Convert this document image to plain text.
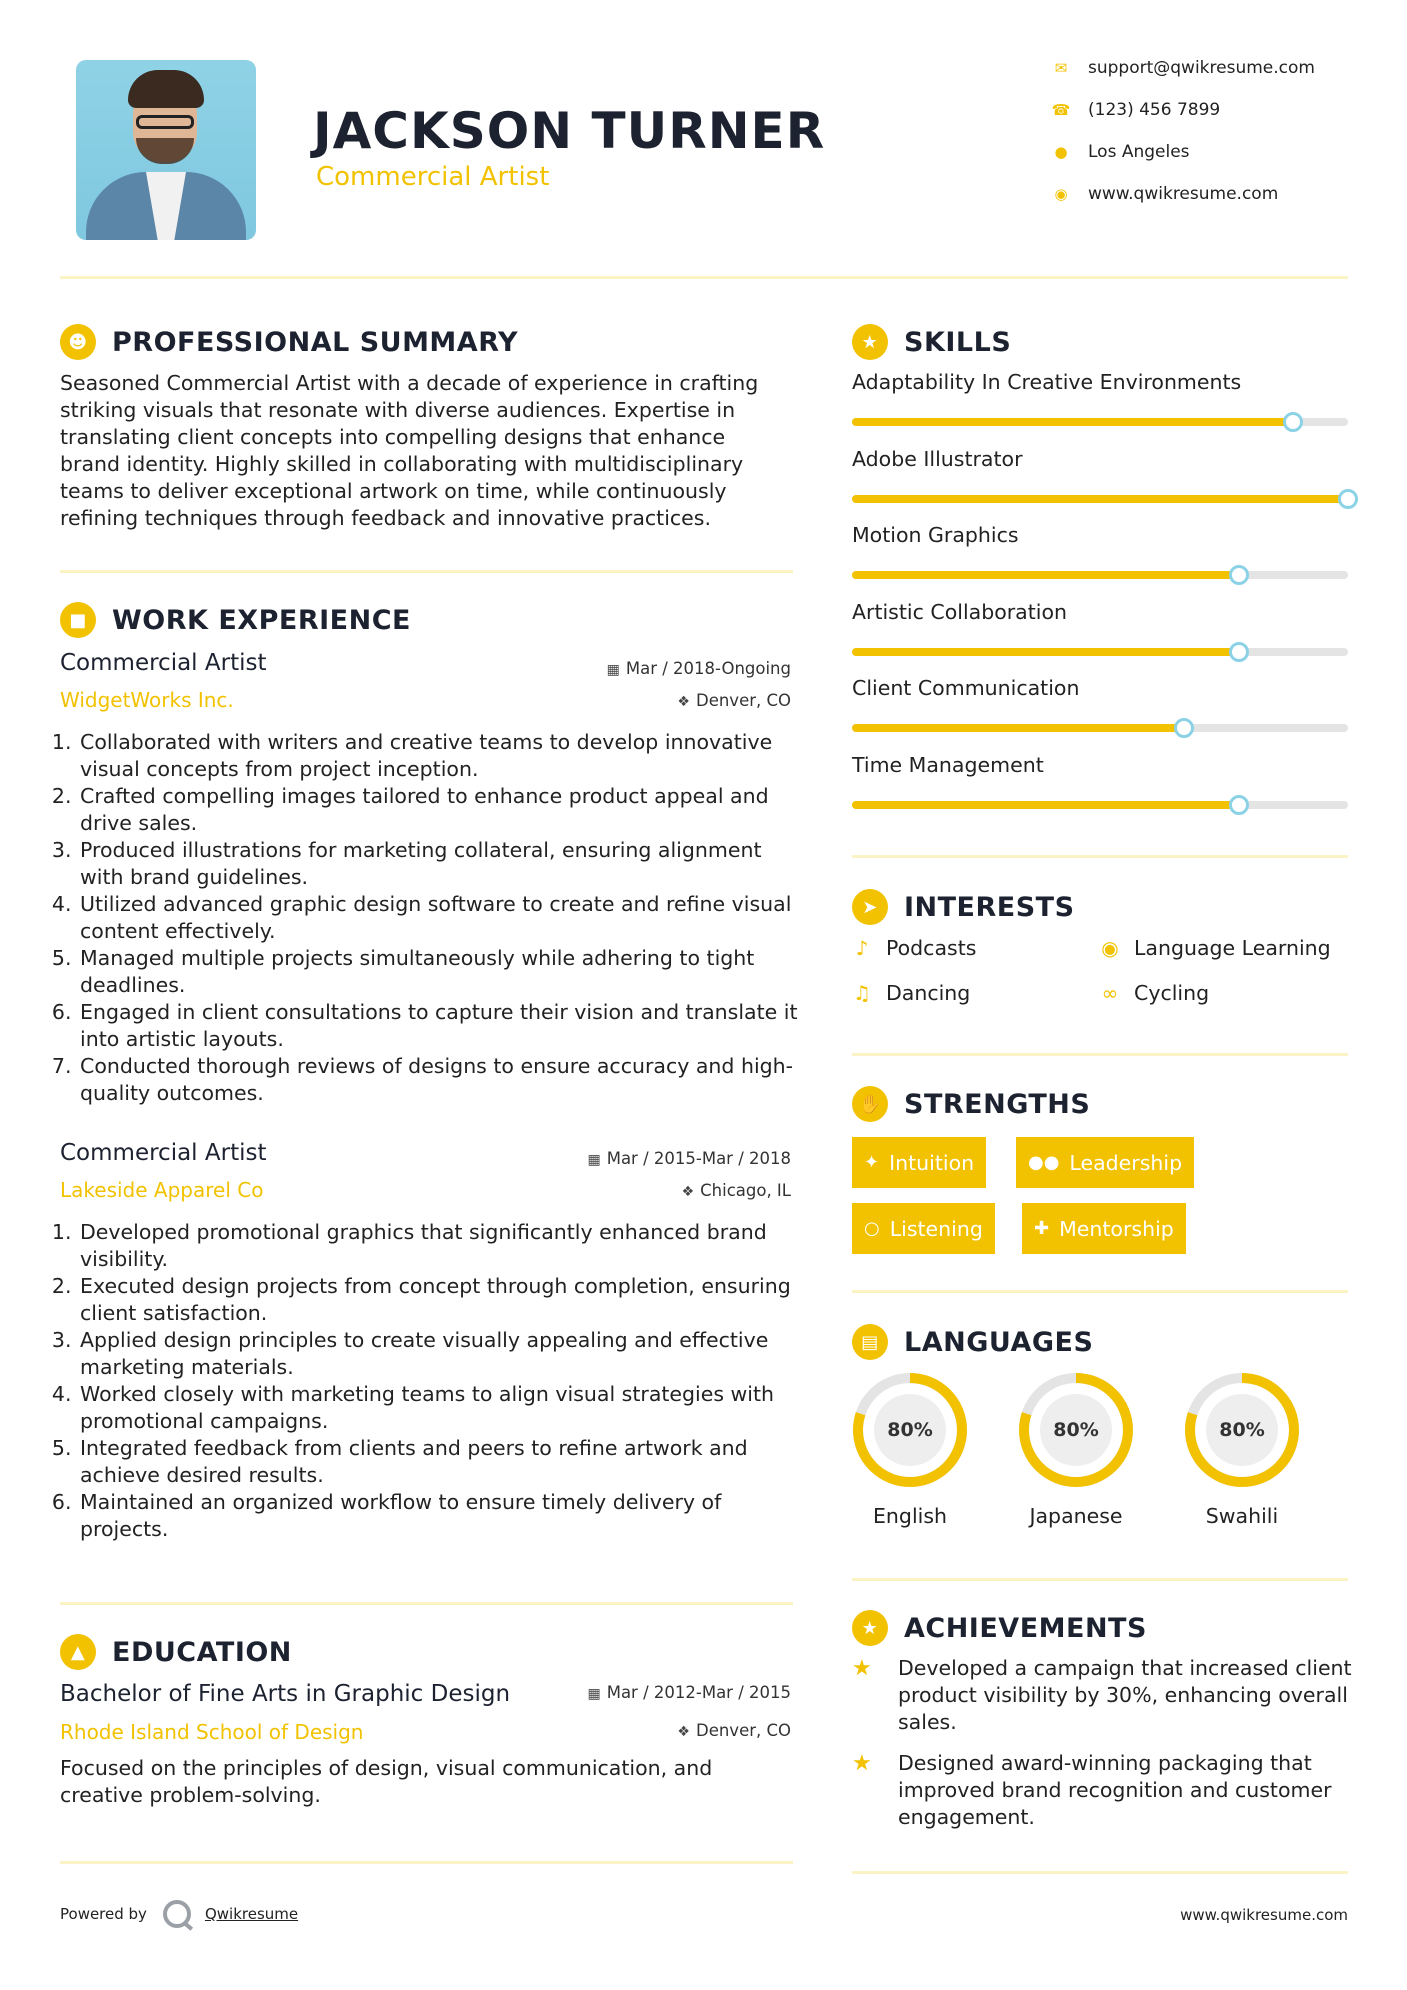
JACKSON TURNER
Commercial Artist
✉	support@qwikresume.com
☎ (123) 456 7899
●	Los Angeles
◉	www.qwikresume.com
☻ PROFESSIONAL SUMMARY
Seasoned Commercial Artist with a decade of experience in crafting striking visuals that resonate with diverse audiences. Expertise in translating client concepts into compelling designs that enhance brand identity. Highly skilled in collaborating with multidisciplinary teams to deliver exceptional artwork on time, while continuously refining techniques through feedback and innovative practices.
■ WORK EXPERIENCE
Commercial Artist
WidgetWorks Inc.
▦ Mar / 2018-Ongoing
❖ Denver, CO
1. Collaborated with writers and creative teams to develop innovative visual concepts from project inception.
2. Crafted compelling images tailored to enhance product appeal and drive sales.
3. Produced illustrations for marketing collateral, ensuring alignment with brand guidelines.
4. Utilized advanced graphic design software to create and refine visual content effectively.
5. Managed multiple projects simultaneously while adhering to tight deadlines.
6. Engaged in client consultations to capture their vision and translate it into artistic layouts.
7. Conducted thorough reviews of designs to ensure accuracy and high-quality outcomes.
Commercial Artist
Lakeside Apparel Co
▦ Mar / 2015-Mar / 2018
❖ Chicago, IL
1. Developed promotional graphics that significantly enhanced brand visibility.
2. Executed design projects from concept through completion, ensuring client satisfaction.
3. Applied design principles to create visually appealing and effective marketing materials.
4. Worked closely with marketing teams to align visual strategies with promotional campaigns.
5. Integrated feedback from clients and peers to refine artwork and achieve desired results.
6. Maintained an organized workflow to ensure timely delivery of projects.
▲ EDUCATION
Bachelor of Fine Arts in Graphic Design
Rhode Island School of Design
▦ Mar / 2012-Mar / 2015
❖ Denver, CO
Focused on the principles of design, visual communication, and creative problem-solving.
★ SKILLS
Adaptability In Creative Environments
Adobe Illustrator
Motion Graphics
Artistic Collaboration
Client Communication
Time Management
➤ INTERESTS
♪ Podcasts	◉ Language Learning
♫ Dancing	∞ Cycling
✋ STRENGTHS
✦ Intuition	●● Leadership
○ Listening	✚ Mentorship
▤ LANGUAGES
80%
English
80%
Japanese
80%
Swahili
★ ACHIEVEMENTS
★	Developed a campaign that increased client product visibility by 30%, enhancing overall sales.
★	Designed award-winning packaging that improved brand recognition and customer engagement.
Powered by	Qwikresume	www.qwikresume.com
